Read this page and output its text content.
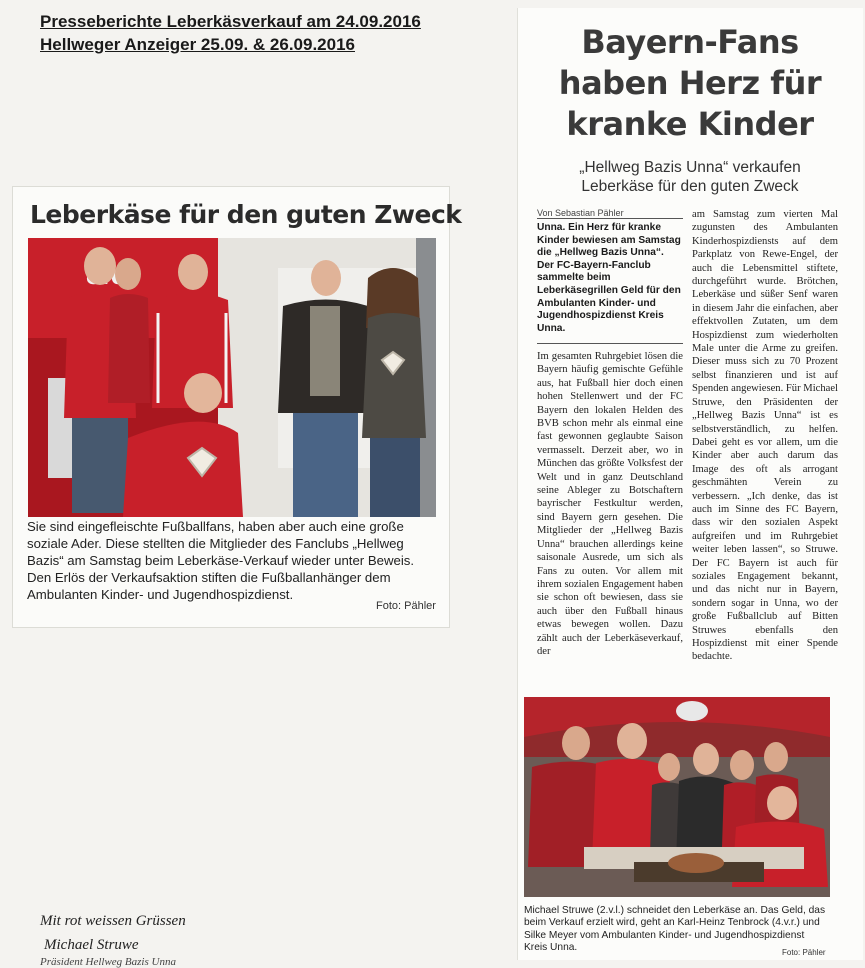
Presseberichte Leberkäsverkauf am 24.09.2016
Hellweger Anzeiger 25.09. & 26.09.2016
Leberkäse für den guten Zweck
Sie sind eingefleischte Fußballfans, haben aber auch eine große soziale Ader. Diese stellten die Mitglieder des Fanclubs „Hellweg Bazis“ am Samstag beim Leberkäse-Verkauf wieder unter Beweis. Den Erlös der Verkaufsaktion stiften die Fußballanhänger dem Ambulanten Kinder- und Jugendhospizdienst.
Foto: Pähler
Bayern-Fans
haben Herz für
kranke Kinder
„Hellweg Bazis Unna“ verkaufen
Leberkäse für den guten Zweck
Von Sebastian Pähler
Unna. Ein Herz für kranke Kinder bewiesen am Samstag die „Hellweg Bazis Unna“. Der FC-Bayern-Fanclub sammelte beim Leberkäsegrillen Geld für den Ambulanten Kinder- und Jugendhospizdienst Kreis Unna.
Im gesamten Ruhrgebiet lösen die Bayern häufig gemischte Gefühle aus, hat Fußball hier doch einen hohen Stellenwert und der FC Bayern den lokalen Helden des BVB schon mehr als einmal eine fast gewonnen geglaubte Saison vermasselt. Derzeit aber, wo in München das größte Volksfest der Welt und in ganz Deutschland seine Ableger zu Botschaftern bayrischer Festkultur werden, sind Bayern gern gesehen. Die Mitglieder der „Hellweg Bazis Unna“ brauchen allerdings keine saisonale Ausrede, um sich als Fans zu outen. Vor allem mit ihrem sozialen Engagement haben sie schon oft bewiesen, dass sie auch über den Fußball hinaus etwas bewegen wollen. Dazu zählt auch der Leberkäseverkauf, der
am Samstag zum vierten Mal zugunsten des Ambulanten Kinderhospizdiensts auf dem Parkplatz von Rewe-Engel, der auch die Lebensmittel stiftete, durchgeführt wurde. Brötchen, Leberkäse und süßer Senf waren in diesem Jahr die einfachen, aber effektvollen Zutaten, um dem Hospizdienst zum wiederholten Male unter die Arme zu greifen. Dieser muss sich zu 70 Prozent selbst finanzieren und ist auf Spenden angewiesen. Für Michael Struwe, den Präsidenten der „Hellweg Bazis Unna“ ist es selbstverständlich, zu helfen. Dabei geht es vor allem, um die Kinder aber auch darum das Image des oft als arrogant geschmähten Verein zu verbessern. „Ich denke, das ist auch im Sinne des FC Bayern, dass wir den sozialen Aspekt aufgreifen und im Ruhrgebiet weiter leben lassen“, so Struwe. Der FC Bayern ist auch für soziales Engagement bekannt, und das nicht nur in Bayern, sondern sogar in Unna, wo der große Fußballclub auf Bitten Struwes ebenfalls den Hospizdienst mit einer Spende bedachte.
Michael Struwe (2.v.l.) schneidet den Leberkäse an. Das Geld, das beim Verkauf erzielt wird, geht an Karl-Heinz Tenbrock (4.v.r.) und Silke Meyer vom Ambulanten Kinder- und Jugendhospizdienst Kreis Unna.	Foto: Pähler
Mit rot weissen Grüssen
Michael Struwe
Präsident Hellweg Bazis Unna
